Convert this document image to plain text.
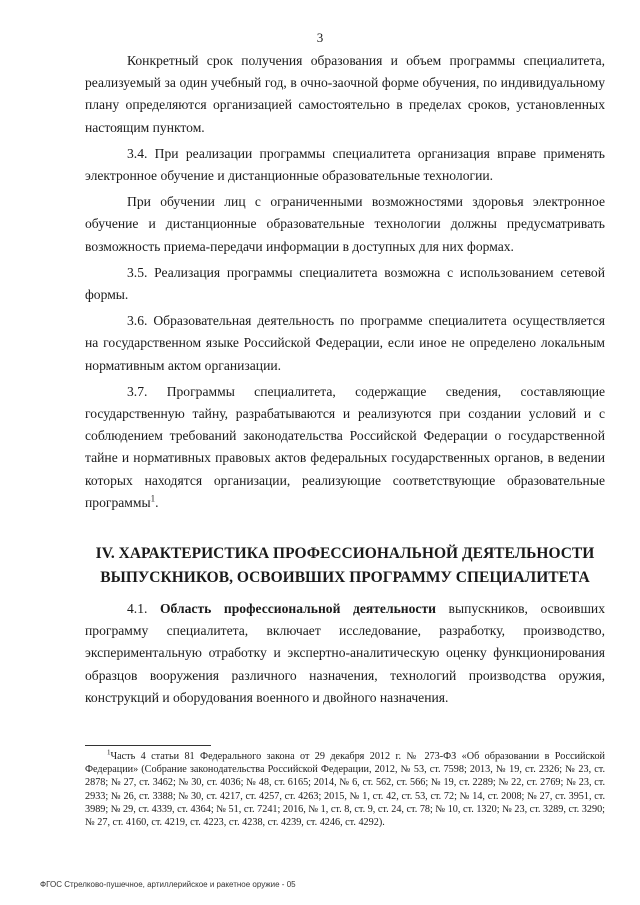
3

Конкретный срок получения образования и объем программы специалитета, реализуемый за один учебный год, в очно-заочной форме обучения, по индивидуальному плану определяются организацией самостоятельно в пределах сроков, установленных настоящим пунктом.

3.4. При реализации программы специалитета организация вправе применять электронное обучение и дистанционные образовательные технологии.

При обучении лиц с ограниченными возможностями здоровья электронное обучение и дистанционные образовательные технологии должны предусматривать возможность приема-передачи информации в доступных для них формах.

3.5. Реализация программы специалитета возможна с использованием сетевой формы.

3.6. Образовательная деятельность по программе специалитета осуществляется на государственном языке Российской Федерации, если иное не определено локальным нормативным актом организации.

3.7. Программы специалитета, содержащие сведения, составляющие государственную тайну, разрабатываются и реализуются при создании условий и с соблюдением требований законодательства Российской Федерации о государственной тайне и нормативных правовых актов федеральных государственных органов, в ведении которых находятся организации, реализующие соответствующие образовательные программы$^1$.

IV. ХАРАКТЕРИСТИКА ПРОФЕССИОНАЛЬНОЙ ДЕЯТЕЛЬНОСТИ
ВЫПУСКНИКОВ, ОСВОИВШИХ ПРОГРАММУ СПЕЦИАЛИТЕТА

4.1. Область профессиональной деятельности выпускников, освоивших программу специалитета, включает исследование, разработку, производство, экспериментальную отработку и экспертно-аналитическую оценку функционирования образцов вооружения различного назначения, технологий производства оружия, конструкций и оборудования военного и двойного назначения.

$^1$Часть 4 статьи 81 Федерального закона от 29 декабря 2012 г. № 273-ФЗ «Об образовании в Российской Федерации» (Собрание законодательства Российской Федерации, 2012, № 53, ст. 7598; 2013, № 19, ст. 2326; № 23, ст. 2878; № 27, ст. 3462; № 30, ст. 4036; № 48, ст. 6165; 2014, № 6, ст. 562, ст. 566; № 19, ст. 2289; № 22, ст. 2769; № 23, ст. 2933; № 26, ст. 3388; № 30, ст. 4217, ст. 4257, ст. 4263; 2015, № 1, ст. 42, ст. 53, ст. 72; № 14, ст. 2008; № 27, ст. 3951, ст. 3989; № 29, ст. 4339, ст. 4364; № 51, ст. 7241; 2016, № 1, ст. 8, ст. 9, ст. 24, ст. 78; № 10, ст. 1320; № 23, ст. 3289, ст. 3290; № 27, ст. 4160, ст. 4219, ст. 4223, ст. 4238, ст. 4239, ст. 4246, ст. 4292).
ФГОС Стрелково-пушечное, артиллерийское и ракетное оружие - 05
